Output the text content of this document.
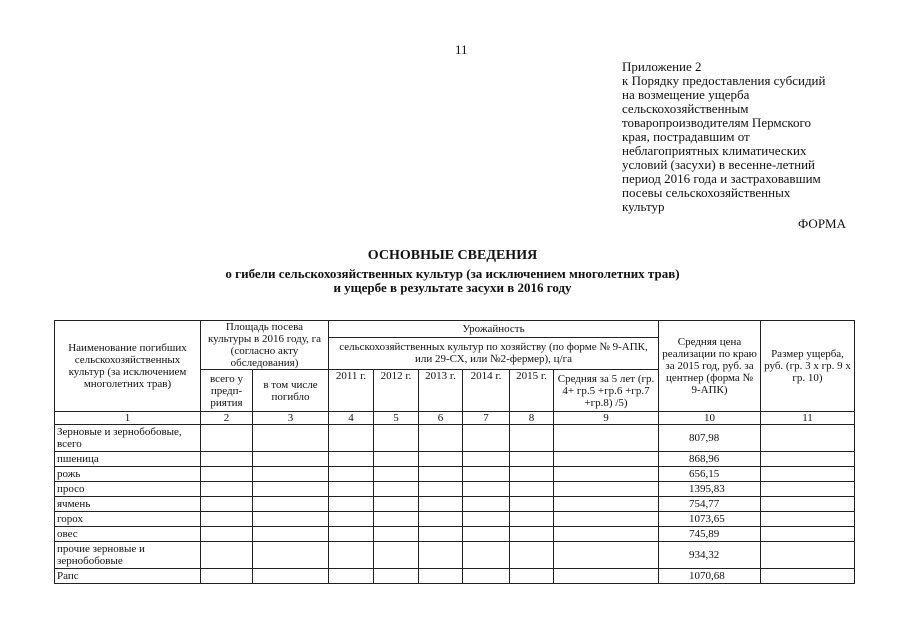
11
Приложение 2
к Порядку предоставления субсидий
на возмещение ущерба
сельскохозяйственным
товаропроизводителям Пермского
края, пострадавшим от
неблагоприятных климатических
условий (засухи) в весенне-летний
период 2016 года и застраховавшим
посевы сельскохозяйственных
культур
ФОРМА
ОСНОВНЫЕ СВЕДЕНИЯ
о гибели сельскохозяйственных культур (за исключением многолетних трав)
и ущербе в результате засухи в 2016 году
Наименование погибших сельскохозяйственных культур (за исключением многолетних трав)	Площадь посева культуры в 2016 году, га (согласно акту обследования)		Урожайность						Средняя цена реализации по краю за 2015 год, руб. за центнер (форма № 9-АПК)	Размер ущерба, руб. (гр. 3 х гр. 9 х гр. 10)
			сельскохозяйственных культур по хозяйству (по форме № 9-АПК, или 29-СХ, или №2-фермер), ц/га							
	всего у предп-риятия	в том числе погибло	2011 г.	2012 г.	2013 г.	2014 г.	2015 г.	Средняя за 5 лет (гр. 4+ гр.5 +гр.6 +гр.7 +гр.8) /5)		
1	2	3	4	5	6	7	8	9	10	11
Зерновые и зернобобовые, всего									807,98	
пшеница									868,96	
рожь									656,15	
просо									1395,83	
ячмень									754,77	
горох									1073,65	
овес									745,89	
прочие зерновые и зернобобовые									934,32	
Рапс									1070,68	
